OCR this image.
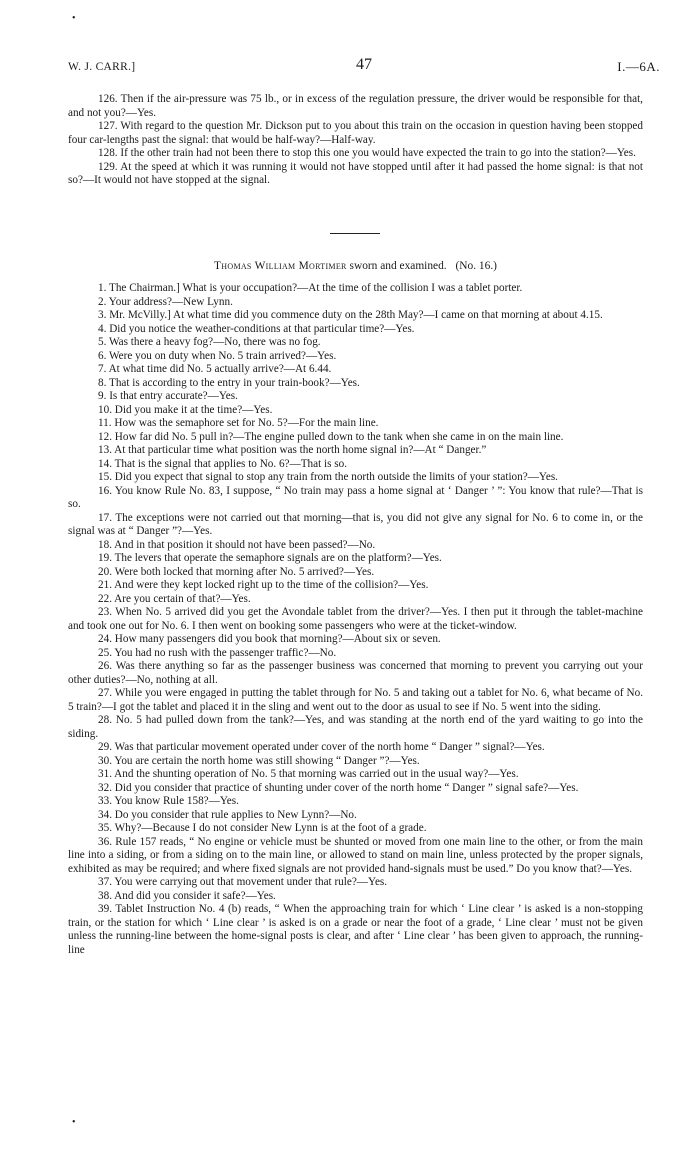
•
W. J. CARR.]	47	I.—6A.

126. Then if the air-pressure was 75 lb., or in excess of the regulation pressure, the driver would be responsible for that, and not you?—Yes.

127. With regard to the question Mr. Dickson put to you about this train on the occasion in question having been stopped four car-lengths past the signal: that would be half-way?—Half-way.

128. If the other train had not been there to stop this one you would have expected the train to go into the station?—Yes.

129. At the speed at which it was running it would not have stopped until after it had passed the home signal: is that not so?—It would not have stopped at the signal.

Thomas William Mortimer sworn and examined. (No. 16.)

1. The Chairman.] What is your occupation?—At the time of the collision I was a tablet porter.

2. Your address?—New Lynn.

3. Mr. McVilly.] At what time did you commence duty on the 28th May?—I came on that morning at about 4.15.

4. Did you notice the weather-conditions at that particular time?—Yes.

5. Was there a heavy fog?—No, there was no fog.

6. Were you on duty when No. 5 train arrived?—Yes.

7. At what time did No. 5 actually arrive?—At 6.44.

8. That is according to the entry in your train-book?—Yes.

9. Is that entry accurate?—Yes.

10. Did you make it at the time?—Yes.

11. How was the semaphore set for No. 5?—For the main line.

12. How far did No. 5 pull in?—The engine pulled down to the tank when she came in on the main line.

13. At that particular time what position was the north home signal in?—At “ Danger.”

14. That is the signal that applies to No. 6?—That is so.

15. Did you expect that signal to stop any train from the north outside the limits of your station?—Yes.

16. You know Rule No. 83, I suppose, “ No train may pass a home signal at ‘ Danger ’ ”: You know that rule?—That is so.

17. The exceptions were not carried out that morning—that is, you did not give any signal for No. 6 to come in, or the signal was at “ Danger ”?—Yes.

18. And in that position it should not have been passed?—No.

19. The levers that operate the semaphore signals are on the platform?—Yes.

20. Were both locked that morning after No. 5 arrived?—Yes.

21. And were they kept locked right up to the time of the collision?—Yes.

22. Are you certain of that?—Yes.

23. When No. 5 arrived did you get the Avondale tablet from the driver?—Yes. I then put it through the tablet-machine and took one out for No. 6. I then went on booking some passengers who were at the ticket-window.

24. How many passengers did you book that morning?—About six or seven.

25. You had no rush with the passenger traffic?—No.

26. Was there anything so far as the passenger business was concerned that morning to prevent you carrying out your other duties?—No, nothing at all.

27. While you were engaged in putting the tablet through for No. 5 and taking out a tablet for No. 6, what became of No. 5 train?—I got the tablet and placed it in the sling and went out to the door as usual to see if No. 5 went into the siding.

28. No. 5 had pulled down from the tank?—Yes, and was standing at the north end of the yard waiting to go into the siding.

29. Was that particular movement operated under cover of the north home “ Danger ” signal?—Yes.

30. You are certain the north home was still showing “ Danger ”?—Yes.

31. And the shunting operation of No. 5 that morning was carried out in the usual way?—Yes.

32. Did you consider that practice of shunting under cover of the north home “ Danger ” signal safe?—Yes.

33. You know Rule 158?—Yes.

34. Do you consider that rule applies to New Lynn?—No.

35. Why?—Because I do not consider New Lynn is at the foot of a grade.

36. Rule 157 reads, “ No engine or vehicle must be shunted or moved from one main line to the other, or from the main line into a siding, or from a siding on to the main line, or allowed to stand on main line, unless protected by the proper signals, exhibited as may be required; and where fixed signals are not provided hand-signals must be used.” Do you know that?—Yes.

37. You were carrying out that movement under that rule?—Yes.

38. And did you consider it safe?—Yes.

39. Tablet Instruction No. 4 (b) reads, “ When the approaching train for which ‘ Line clear ’ is asked is a non-stopping train, or the station for which ‘ Line clear ’ is asked is on a grade or near the foot of a grade, ‘ Line clear ’ must not be given unless the running-line between the home-signal posts is clear, and after ‘ Line clear ’ has been given to approach, the running-line

•
